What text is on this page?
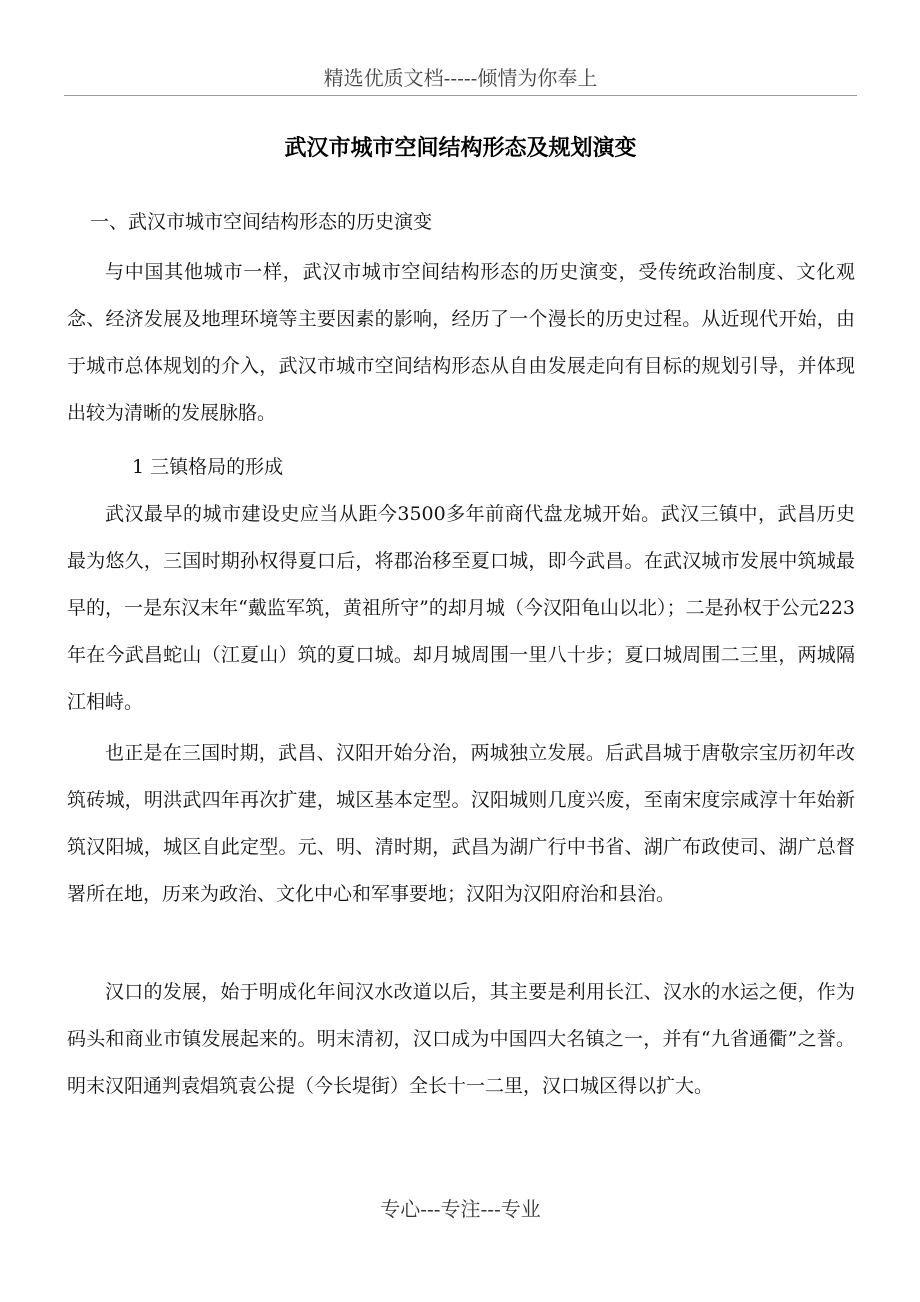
精选优质文档-----倾情为你奉上
武汉市城市空间结构形态及规划演变
一、武汉市城市空间结构形态的历史演变

与中国其他城市一样，武汉市城市空间结构形态的历史演变，受传统政治制度、文化观念、经济发展及地理环境等主要因素的影响，经历了一个漫长的历史过程。从近现代开始，由于城市总体规划的介入，武汉市城市空间结构形态从自由发展走向有目标的规划引导，并体现出较为清晰的发展脉胳。

1 三镇格局的形成

武汉最早的城市建设史应当从距今3500多年前商代盘龙城开始。武汉三镇中，武昌历史最为悠久，三国时期孙权得夏口后，将郡治移至夏口城，即今武昌。在武汉城市发展中筑城最早的，一是东汉末年“戴监军筑，黄祖所守”的却月城（今汉阳龟山以北）；二是孙权于公元223年在今武昌蛇山（江夏山）筑的夏口城。却月城周围一里八十步；夏口城周围二三里，两城隔江相峙。

也正是在三国时期，武昌、汉阳开始分治，两城独立发展。后武昌城于唐敬宗宝历初年改筑砖城，明洪武四年再次扩建，城区基本定型。汉阳城则几度兴废，至南宋度宗咸淳十年始新筑汉阳城，城区自此定型。元、明、清时期，武昌为湖广行中书省、湖广布政使司、湖广总督署所在地，历来为政治、文化中心和军事要地；汉阳为汉阳府治和县治。

汉口的发展，始于明成化年间汉水改道以后，其主要是利用长江、汉水的水运之便，作为码头和商业市镇发展起来的。明末清初，汉口成为中国四大名镇之一，并有“九省通衢”之誉。明末汉阳通判袁焻筑袁公提（今长堤街）全长十一二里，汉口城区得以扩大。

专心---专注---专业
